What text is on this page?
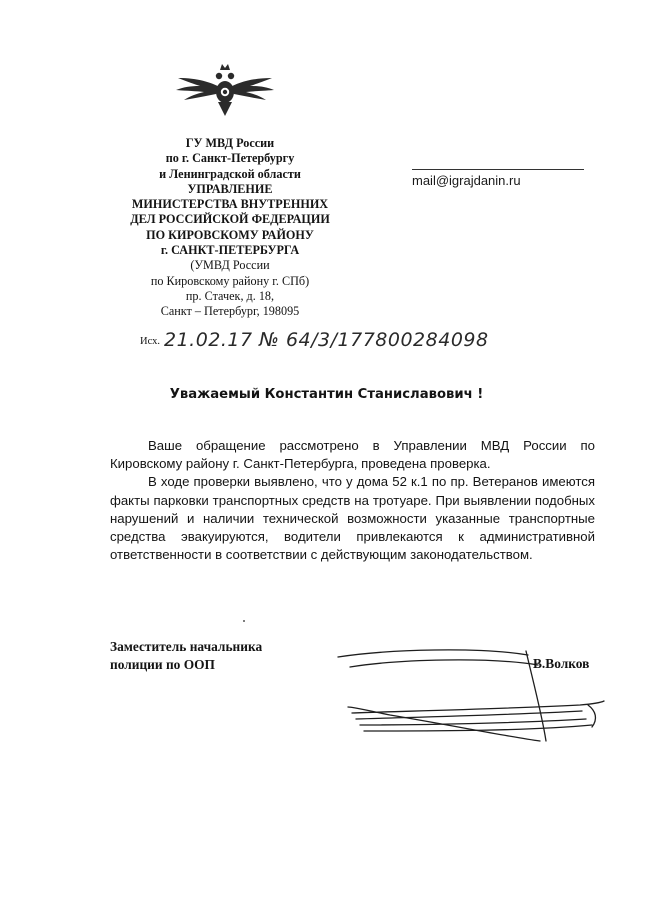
ГУ МВД России
по г. Санкт-Петербургу
и Ленинградской области
УПРАВЛЕНИЕ
МИНИСТЕРСТВА ВНУТРЕННИХ
ДЕЛ РОССИЙСКОЙ ФЕДЕРАЦИИ
ПО КИРОВСКОМУ РАЙОНУ
г. САНКТ-ПЕТЕРБУРГА
(УМВД России
по Кировскому району г. СПб)
пр. Стачек, д. 18,
Санкт – Петербург, 198095
mail@igrajdanin.ru
Исх. 21.02.17 № 64/3/177800284098
Уважаемый Константин Станиславович !

Ваше обращение рассмотрено в Управлении МВД России по Кировскому району г. Санкт-Петербурга, проведена проверка.

В ходе проверки выявлено, что у дома 52 к.1 по пр. Ветеранов имеются факты парковки транспортных средств на тротуаре. При выявлении подобных нарушений и наличии технической возможности указанные транспортные средства эвакуируются, водители привлекаются к административной ответственности в соответствии с действующим законодательством.

Заместитель начальника
полиции по ООП	В.Волков
